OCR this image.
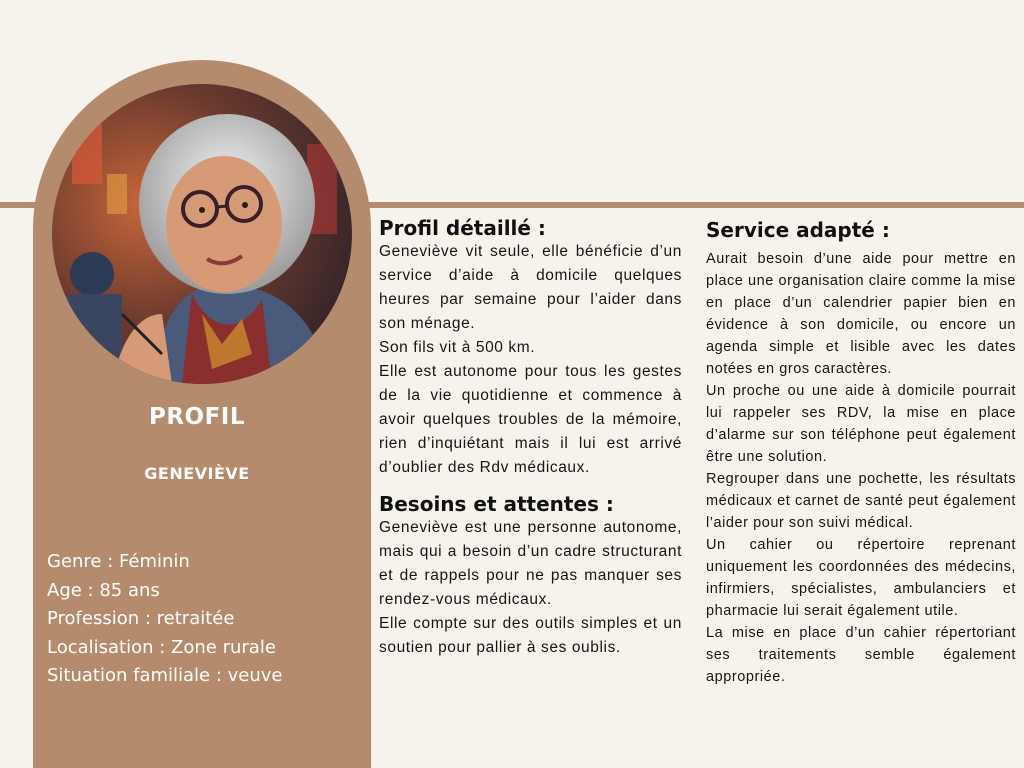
PROFIL
GENEVIÈVE
Genre : Féminin
Age : 85 ans
Profession : retraitée
Localisation : Zone rurale
Situation familiale : veuve
Profil détaillé :

Geneviève vit seule, elle bénéficie d’un service d’aide à domicile quelques heures par semaine pour l’aider dans son ménage.

Son fils vit à 500 km.

Elle est autonome pour tous les gestes de la vie quotidienne et commence à avoir quelques troubles de la mémoire, rien d’inquiétant mais il lui est arrivé d’oublier des Rdv médicaux.

Besoins et attentes :

Geneviève est une personne autonome, mais qui a besoin d’un cadre structurant et de rappels pour ne pas manquer ses rendez-vous médicaux.

Elle compte sur des outils simples et un soutien pour pallier à ses oublis.

Service adapté :

Aurait besoin d’une aide pour mettre en place une organisation claire comme la mise en place d’un calendrier papier bien en évidence à son domicile, ou encore un agenda simple et lisible avec les dates notées en gros caractères.

Un proche ou une aide à domicile pourrait lui rappeler ses RDV, la mise en place d’alarme sur son téléphone peut également être une solution.

Regrouper dans une pochette, les résultats médicaux et carnet de santé peut également l’aider pour son suivi médical.

Un cahier ou répertoire reprenant uniquement les coordonnées des médecins, infirmiers, spécialistes, ambulanciers et pharmacie lui serait également utile.

La mise en place d’un cahier répertoriant ses traitements semble également appropriée.
